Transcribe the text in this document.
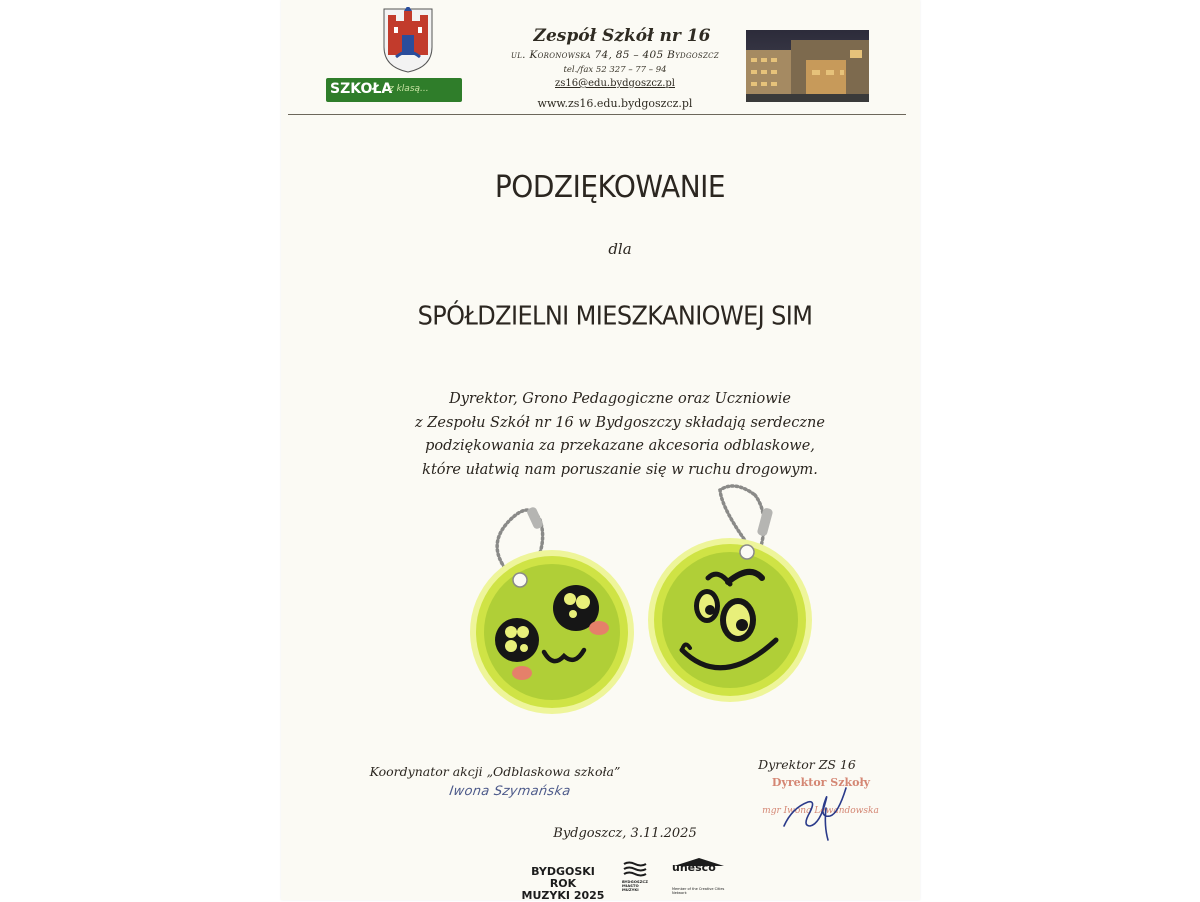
SZKOŁA
z klasą...
Zespół Szkół nr 16
ul. Koronowska 74, 85 – 405 Bydgoszcz
tel./fax 52 327 – 77 – 94
zs16@edu.bydgoszcz.pl
www.zs16.edu.bydgoszcz.pl
PODZIĘKOWANIE
dla
SPÓŁDZIELNI MIESZKANIOWEJ SIM
Dyrektor, Grono Pedagogiczne oraz Uczniowie
z Zespołu Szkół nr 16 w Bydgoszczy składają serdeczne
podziękowania za przekazane akcesoria odblaskowe,
które ułatwią nam poruszanie się w ruchu drogowym.
Koordynator akcji „Odblaskowa szkoła”
Iwona Szymańska
Dyrektor ZS 16
Dyrektor Szkoły
mgr Iwona Lewandowska
Bydgoszcz, 3.11.2025
BYDGOSKI ROK
MUZYKI 2025
BYDGOSZCZ
MIASTO
MUZYKI
unesco
Member of the Creative Cities Network
